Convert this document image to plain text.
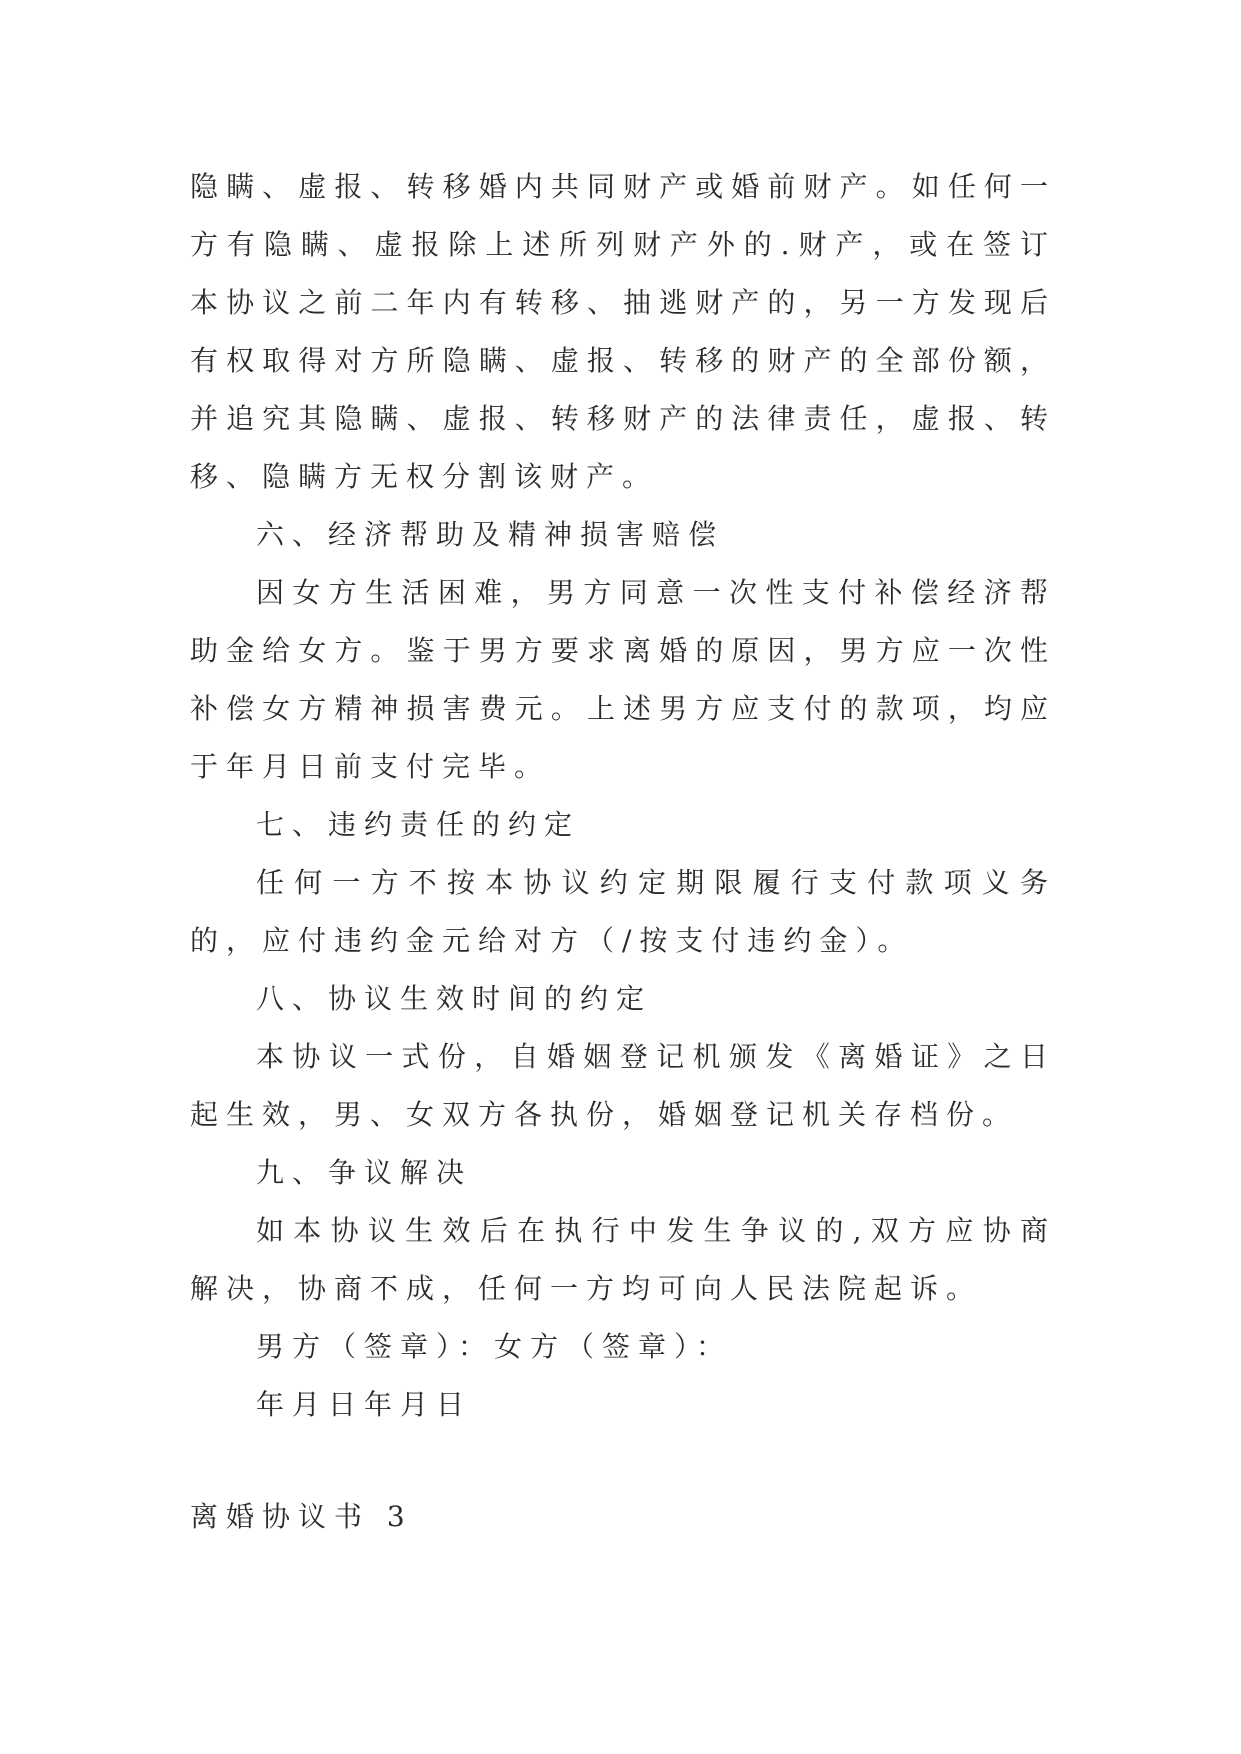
隐瞒、虚报、转移婚内共同财产或婚前财产。如任何一方有隐瞒、虚报除上述所列财产外的.财产，或在签订本协议之前二年内有转移、抽逃财产的，另一方发现后有权取得对方所隐瞒、虚报、转移的财产的全部份额，并追究其隐瞒、虚报、转移财产的法律责任，虚报、转移、隐瞒方无权分割该财产。

六、经济帮助及精神损害赔偿

因女方生活困难，男方同意一次性支付补偿经济帮助金给女方。鉴于男方要求离婚的原因，男方应一次性补偿女方精神损害费元。上述男方应支付的款项，均应于年月日前支付完毕。

七、违约责任的约定

任何一方不按本协议约定期限履行支付款项义务的，应付违约金元给对方（/按支付违约金）。

八、协议生效时间的约定

本协议一式份，自婚姻登记机颁发《离婚证》之日起生效，男、女双方各执份，婚姻登记机关存档份。

九、争议解决

如本协议生效后在执行中发生争议的,双方应协商解决，协商不成，任何一方均可向人民法院起诉。

男方（签章）：女方（签章）：

年月日年月日

离婚协议书 3
